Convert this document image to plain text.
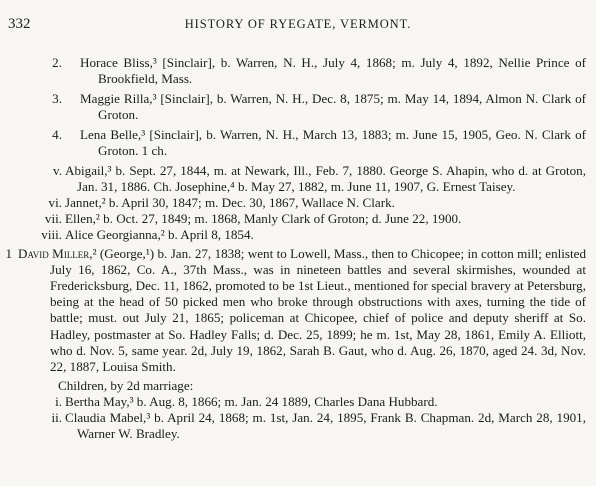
332	HISTORY OF RYEGATE, VERMONT.
2. Horace Bliss,³ [Sinclair], b. Warren, N. H., July 4, 1868; m. July 4, 1892, Nellie Prince of Brookfield, Mass.
3. Maggie Rilla,³ [Sinclair], b. Warren, N. H., Dec. 8, 1875; m. May 14, 1894, Almon N. Clark of Groton.
4. Lena Belle,³ [Sinclair], b. Warren, N. H., March 13, 1883; m. June 15, 1905, Geo. N. Clark of Groton. 1 ch.
v. Abigail,³ b. Sept. 27, 1844, m. at Newark, Ill., Feb. 7, 1880. George S. Ahapin, who d. at Groton, Jan. 31, 1886. Ch. Josephine,⁴ b. May 27, 1882, m. June 11, 1907, G. Ernest Taisey.
vi. Jannet,² b. April 30, 1847; m. Dec. 30, 1867, Wallace N. Clark.
vii. Ellen,² b. Oct. 27, 1849; m. 1868, Manly Clark of Groton; d. June 22, 1900.
viii. Alice Georgianna,² b. April 8, 1854.
1 David Miller,² (George,¹) b. Jan. 27, 1838; went to Lowell, Mass., then to Chicopee; in cotton mill; enlisted July 16, 1862, Co. A., 37th Mass., was in nineteen battles and several skirmishes, wounded at Fredericksburg, Dec. 11, 1862, promoted to be 1st Lieut., mentioned for special bravery at Petersburg, being at the head of 50 picked men who broke through obstructions with axes, turning the tide of battle; must. out July 21, 1865; policeman at Chicopee, chief of police and deputy sheriff at So. Hadley, postmaster at So. Hadley Falls; d. Dec. 25, 1899; he m. 1st, May 28, 1861, Emily A. Elliott, who d. Nov. 5, same year. 2d, July 19, 1862, Sarah B. Gaut, who d. Aug. 26, 1870, aged 24. 3d, Nov. 22, 1887, Louisa Smith.
Children, by 2d marriage:
i. Bertha May,³ b. Aug. 8, 1866; m. Jan. 24 1889, Charles Dana Hubbard.
ii. Claudia Mabel,³ b. April 24, 1868; m. 1st, Jan. 24, 1895, Frank B. Chapman. 2d, March 28, 1901, Warner W. Bradley.
